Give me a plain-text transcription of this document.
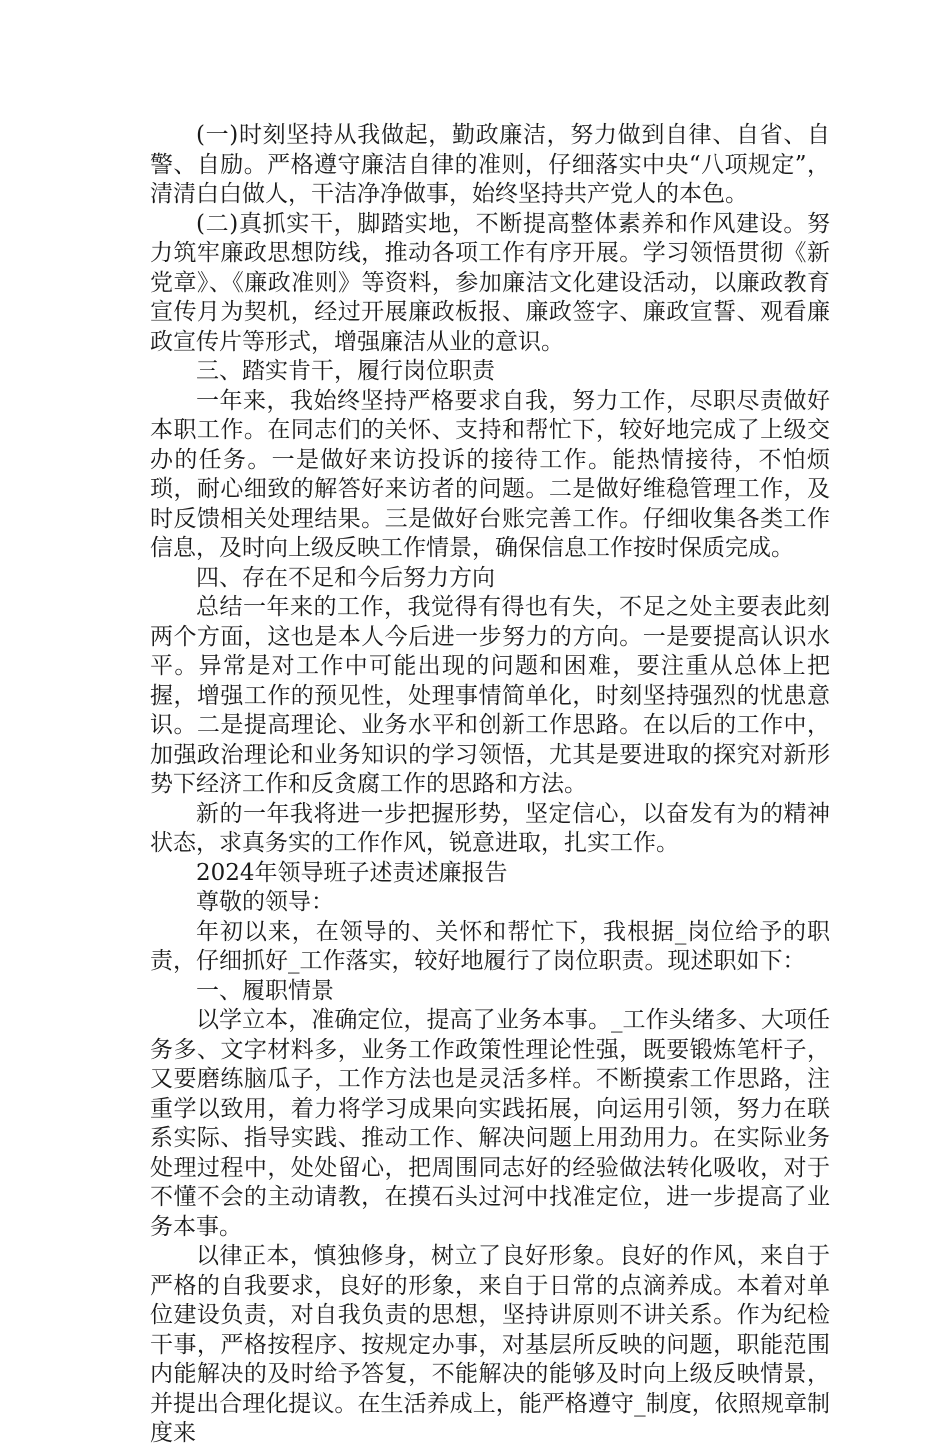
(一)时刻坚持从我做起，勤政廉洁，努力做到自律、自省、自警、自励。严格遵守廉洁自律的准则，仔细落实中央“八项规定”，清清白白做人，干洁净净做事，始终坚持共产党人的本色。

(二)真抓实干，脚踏实地，不断提高整体素养和作风建设。努力筑牢廉政思想防线，推动各项工作有序开展。学习领悟贯彻《新党章》、《廉政准则》等资料，参加廉洁文化建设活动，以廉政教育宣传月为契机，经过开展廉政板报、廉政签字、廉政宣誓、观看廉政宣传片等形式，增强廉洁从业的意识。

三、踏实肯干，履行岗位职责

一年来，我始终坚持严格要求自我，努力工作，尽职尽责做好本职工作。在同志们的关怀、支持和帮忙下，较好地完成了上级交办的任务。一是做好来访投诉的接待工作。能热情接待，不怕烦琐，耐心细致的解答好来访者的问题。二是做好维稳管理工作，及时反馈相关处理结果。三是做好台账完善工作。仔细收集各类工作信息，及时向上级反映工作情景，确保信息工作按时保质完成。

四、存在不足和今后努力方向

总结一年来的工作，我觉得有得也有失，不足之处主要表此刻两个方面，这也是本人今后进一步努力的方向。一是要提高认识水平。异常是对工作中可能出现的问题和困难，要注重从总体上把握，增强工作的预见性，处理事情简单化，时刻坚持强烈的忧患意识。二是提高理论、业务水平和创新工作思路。在以后的工作中，加强政治理论和业务知识的学习领悟，尤其是要进取的探究对新形势下经济工作和反贪腐工作的思路和方法。

新的一年我将进一步把握形势，坚定信心，以奋发有为的精神状态，求真务实的工作作风，锐意进取，扎实工作。

2024年领导班子述责述廉报告

尊敬的领导：

年初以来，在领导的、关怀和帮忙下，我根据_岗位给予的职责，仔细抓好_工作落实，较好地履行了岗位职责。现述职如下：

一、履职情景

以学立本，准确定位，提高了业务本事。_工作头绪多、大项任务多、文字材料多，业务工作政策性理论性强，既要锻炼笔杆子，又要磨练脑瓜子，工作方法也是灵活多样。不断摸索工作思路，注重学以致用，着力将学习成果向实践拓展，向运用引领，努力在联系实际、指导实践、推动工作、解决问题上用劲用力。在实际业务处理过程中，处处留心，把周围同志好的经验做法转化吸收，对于不懂不会的主动请教，在摸石头过河中找准定位，进一步提高了业务本事。

以律正本，慎独修身，树立了良好形象。良好的作风，来自于严格的自我要求，良好的形象，来自于日常的点滴养成。本着对单位建设负责，对自我负责的思想，坚持讲原则不讲关系。作为纪检干事，严格按程序、按规定办事，对基层所反映的问题，职能范围内能解决的及时给予答复，不能解决的能够及时向上级反映情景，并提出合理化提议。在生活养成上，能严格遵守_制度，依照规章制度来
